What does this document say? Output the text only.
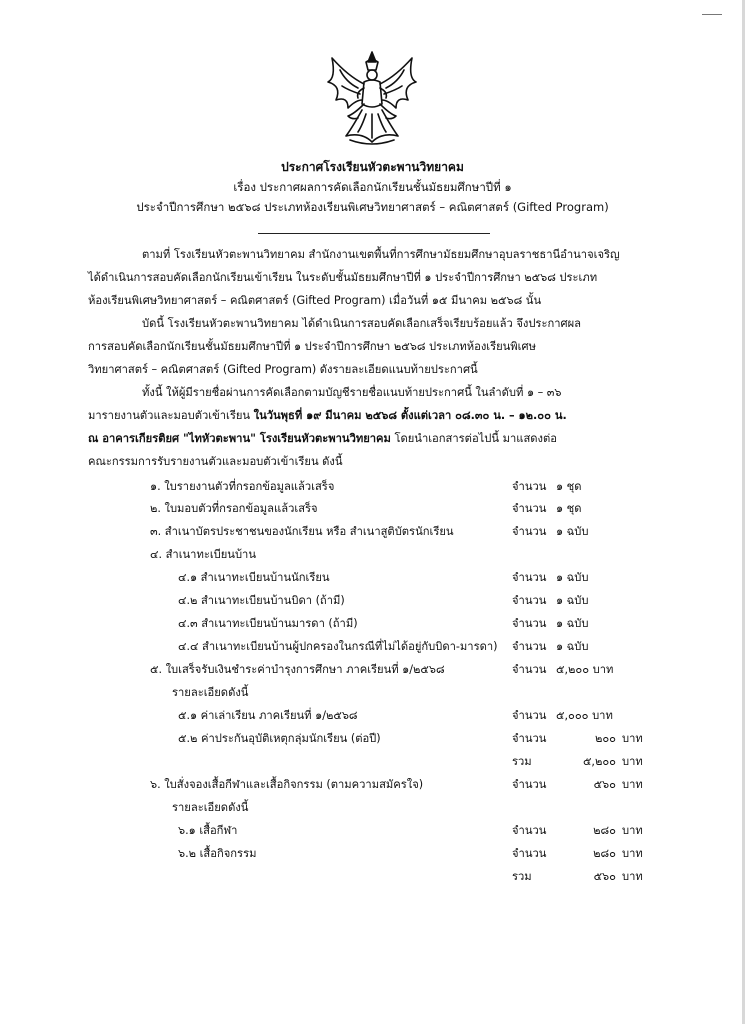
ประกาศโรงเรียนหัวตะพานวิทยาคม
เรื่อง ประกาศผลการคัดเลือกนักเรียนชั้นมัธยมศึกษาปีที่ ๑
ประจำปีการศึกษา ๒๕๖๘ ประเภทห้องเรียนพิเศษวิทยาศาสตร์ – คณิตศาสตร์ (Gifted Program)
ตามที่ โรงเรียนหัวตะพานวิทยาคม สำนักงานเขตพื้นที่การศึกษามัธยมศึกษาอุบลราชธานีอำนาจเจริญ
ได้ดำเนินการสอบคัดเลือกนักเรียนเข้าเรียน ในระดับชั้นมัธยมศึกษาปีที่ ๑ ประจำปีการศึกษา ๒๕๖๘ ประเภท
ห้องเรียนพิเศษวิทยาศาสตร์ – คณิตศาสตร์ (Gifted Program) เมื่อวันที่ ๑๕ มีนาคม ๒๕๖๘ นั้น
บัดนี้ โรงเรียนหัวตะพานวิทยาคม ได้ดำเนินการสอบคัดเลือกเสร็จเรียบร้อยแล้ว จึงประกาศผล
การสอบคัดเลือกนักเรียนชั้นมัธยมศึกษาปีที่ ๑ ประจำปีการศึกษา ๒๕๖๘ ประเภทห้องเรียนพิเศษ
วิทยาศาสตร์ – คณิตศาสตร์ (Gifted Program) ดังรายละเอียดแนบท้ายประกาศนี้
ทั้งนี้ ให้ผู้มีรายชื่อผ่านการคัดเลือกตามบัญชีรายชื่อแนบท้ายประกาศนี้ ในลำดับที่ ๑ – ๓๖
มารายงานตัวและมอบตัวเข้าเรียน ในวันพุธที่ ๑๙ มีนาคม ๒๕๖๘ ตั้งแต่เวลา ๐๘.๓๐ น. – ๑๒.๐๐ น.
ณ อาคารเกียรติยศ "ไทหัวตะพาน" โรงเรียนหัวตะพานวิทยาคม โดยนำเอกสารต่อไปนี้ มาแสดงต่อ
คณะกรรมการรับรายงานตัวและมอบตัวเข้าเรียน ดังนี้
๑. ใบรายงานตัวที่กรอกข้อมูลแล้วเสร็จ	จำนวน ๑ ชุด
๒. ใบมอบตัวที่กรอกข้อมูลแล้วเสร็จ	จำนวน ๑ ชุด
๓. สำเนาบัตรประชาชนของนักเรียน หรือ สำเนาสูติบัตรนักเรียน	จำนวน ๑ ฉบับ
๔. สำเนาทะเบียนบ้าน
๔.๑ สำเนาทะเบียนบ้านนักเรียน	จำนวน ๑ ฉบับ
๔.๒ สำเนาทะเบียนบ้านบิดา (ถ้ามี)	จำนวน ๑ ฉบับ
๔.๓ สำเนาทะเบียนบ้านมารดา (ถ้ามี)	จำนวน ๑ ฉบับ
๔.๔ สำเนาทะเบียนบ้านผู้ปกครองในกรณีที่ไม่ได้อยู่กับบิดา-มารดา) จำนวน ๑ ฉบับ
๕. ใบเสร็จรับเงินชำระค่าบำรุงการศึกษา ภาคเรียนที่ ๑/๒๕๖๘	จำนวน ๕,๒๐๐ บาท
รายละเอียดดังนี้
๕.๑ ค่าเล่าเรียน ภาคเรียนที่ ๑/๒๕๖๘	จำนวน ๕,๐๐๐ บาท
๕.๒ ค่าประกันอุบัติเหตุกลุ่มนักเรียน (ต่อปี)	จำนวน	๒๐๐ บาท
รวม	๕,๒๐๐ บาท
๖. ใบสั่งจองเสื้อกีฬาและเสื้อกิจกรรม (ตามความสมัครใจ)	จำนวน	๕๖๐ บาท
รายละเอียดดังนี้
๖.๑ เสื้อกีฬา	จำนวน	๒๘๐ บาท
๖.๒ เสื้อกิจกรรม	จำนวน	๒๘๐ บาท
รวม	๕๖๐ บาท
